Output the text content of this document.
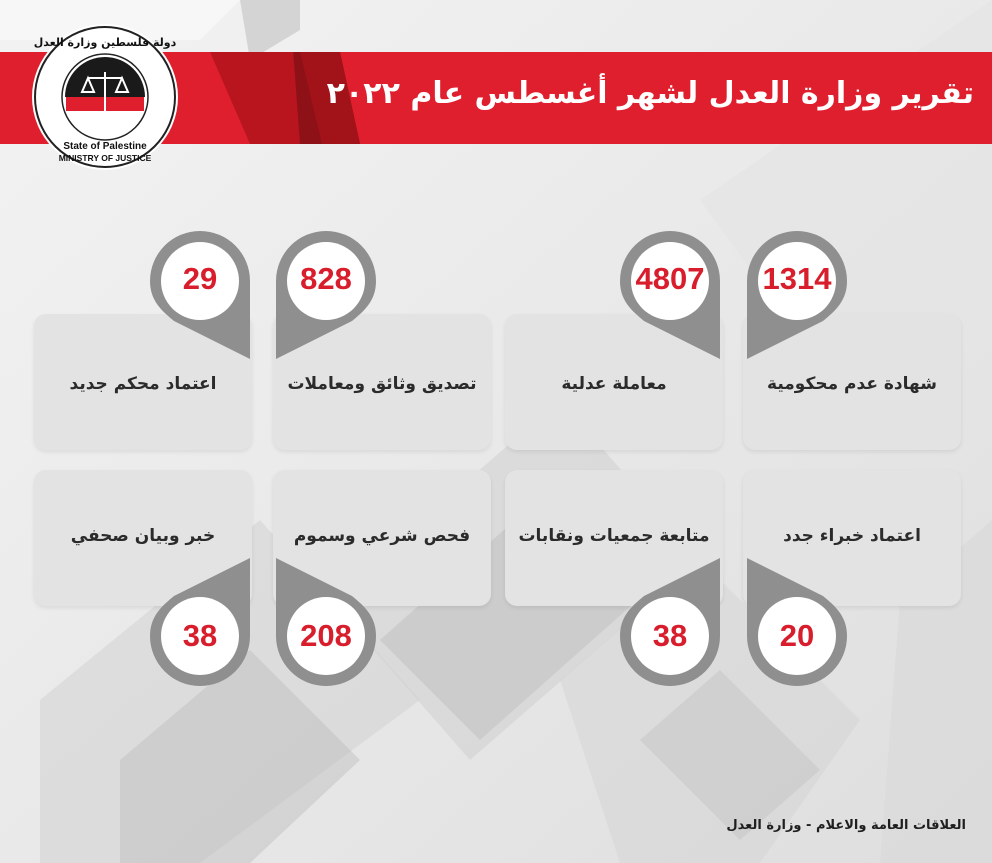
تقرير وزارة العدل لشهر أغسطس عام ٢٠٢٢
State of Palestine
MINISTRY OF JUSTICE
دولة فلسطين وزارة العدل
شهادة عدم محكومية
معاملة عدلية
تصديق وثائق ومعاملات
اعتماد محكم جديد
اعتماد خبراء جدد
متابعة جمعيات ونقابات
فحص شرعي وسموم
خبر وبيان صحفي
1314
4807
828
29
20
38
208
38
العلاقات العامة والاعلام - وزارة العدل
